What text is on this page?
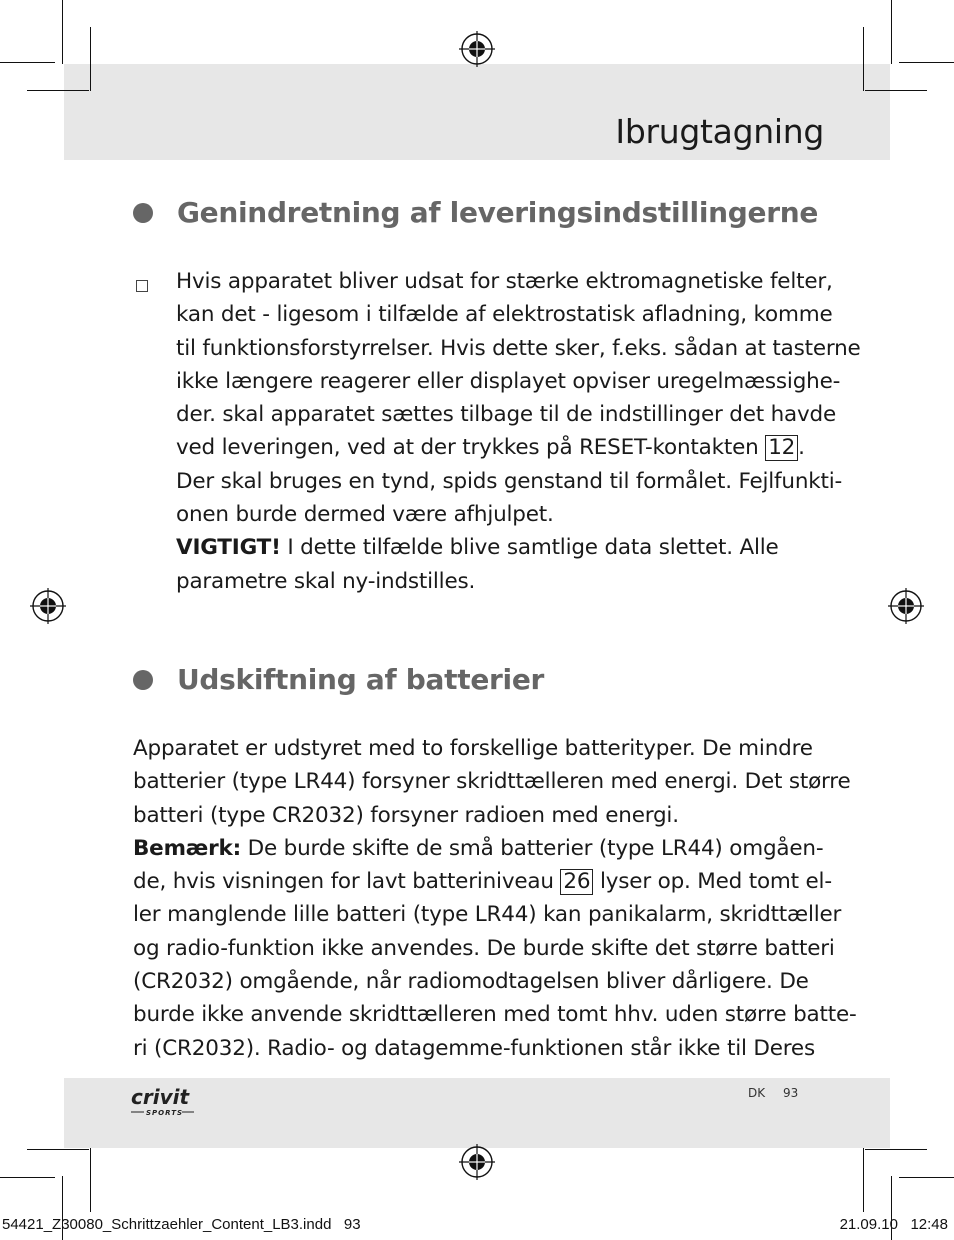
Ibrugtagning
Genindretning af leveringsindstillingerne
Hvis apparatet bliver udsat for stærke ektromagnetiske felter,
kan det - ligesom i tilfælde af elektrostatisk afladning, komme
til funktionsforstyrrelser. Hvis dette sker, f.eks. sådan at tasterne
ikke længere reagerer eller displayet opviser uregelmæssighe-
der. skal apparatet sættes tilbage til de indstillinger det havde
ved leveringen, ved at der trykkes på RESET-kontakten 12 .
Der skal bruges en tynd, spids genstand til formålet. Fejlfunkti-
onen burde dermed være afhjulpet.
VIGTIGT! I dette tilfælde blive samtlige data slettet. Alle
parametre skal ny-indstilles.
Udskiftning af batterier
Apparatet er udstyret med to forskellige batterityper. De mindre
batterier (type LR44) forsyner skridttælleren med energi. Det større
batteri (type CR2032) forsyner radioen med energi.
Bemærk: De burde skifte de små batterier (type LR44) omgåen-
de, hvis visningen for lavt batteriniveau 26 lyser op. Med tomt el-
ler manglende lille batteri (type LR44) kan panikalarm, skridttæller
og radio-funktion ikke anvendes. De burde skifte det større batteri
(CR2032) omgående, når radiomodtagelsen bliver dårligere. De
burde ikke anvende skridttælleren med tomt hhv. uden større batte-
ri (CR2032). Radio- og datagemme-funktionen står ikke til Deres
crivit
SPORTS
DK 93
54421_Z30080_Schrittzaehler_Content_LB3.indd   93	21.09.10   12:48
